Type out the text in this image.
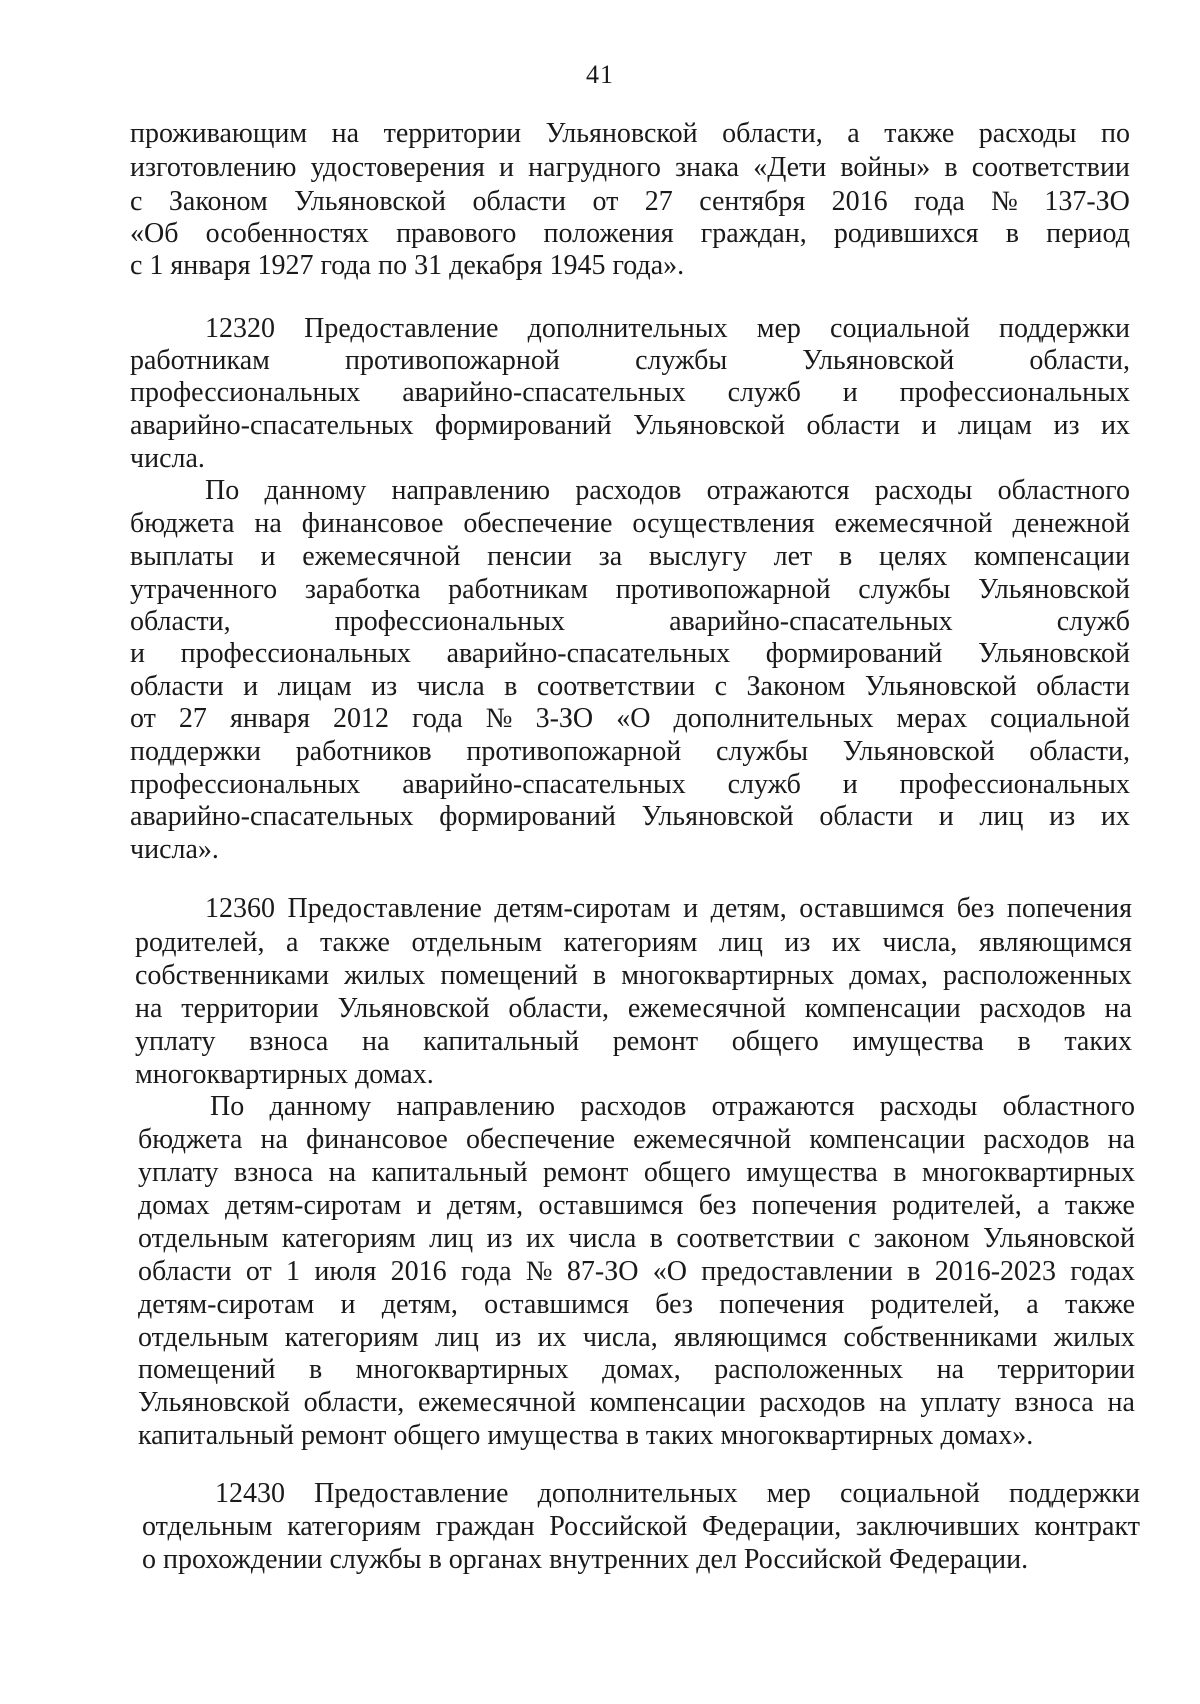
41
проживающим на территории Ульяновской области, а также расходы по
изготовлению удостоверения и нагрудного знака «Дети войны» в соответствии
с Законом Ульяновской области от 27 сентября 2016 года № 137-ЗО
«Об особенностях правового положения граждан, родившихся в период
с 1 января 1927 года по 31 декабря 1945 года».
12320 Предоставление дополнительных мер социальной поддержки
работникам	противопожарной	службы	Ульяновской	области,
профессиональных аварийно-спасательных служб и профессиональных
аварийно-спасательных формирований Ульяновской области и лицам из их
числа.
По данному направлению расходов отражаются расходы областного
бюджета на финансовое обеспечение осуществления ежемесячной денежной
выплаты и ежемесячной пенсии за выслугу лет в целях компенсации
утраченного заработка работникам противопожарной службы Ульяновской
области,	профессиональных	аварийно-спасательных	служб
и профессиональных аварийно-спасательных формирований Ульяновской
области и лицам из числа в соответствии с Законом Ульяновской области
от 27 января 2012 года № 3-ЗО «О дополнительных мерах социальной
поддержки работников противопожарной службы Ульяновской области,
профессиональных аварийно-спасательных служб и профессиональных
аварийно-спасательных формирований Ульяновской области и лиц из их
числа».
12360 Предоставление детям-сиротам и детям, оставшимся без попечения
родителей, а также отдельным категориям лиц из их числа, являющимся
собственниками жилых помещений в многоквартирных домах, расположенных
на территории Ульяновской области, ежемесячной компенсации расходов на
уплату взноса на капитальный ремонт общего имущества в таких
многоквартирных домах.
По данному направлению расходов отражаются расходы областного
бюджета на финансовое обеспечение ежемесячной компенсации расходов на
уплату взноса на капитальный ремонт общего имущества в многоквартирных
домах детям-сиротам и детям, оставшимся без попечения родителей, а также
отдельным категориям лиц из их числа в соответствии с законом Ульяновской
области от 1 июля 2016 года № 87-ЗО «О предоставлении в 2016-2023 годах
детям-сиротам и детям, оставшимся без попечения родителей, а также
отдельным категориям лиц из их числа, являющимся собственниками жилых
помещений в многоквартирных домах, расположенных на территории
Ульяновской области, ежемесячной компенсации расходов на уплату взноса на
капитальный ремонт общего имущества в таких многоквартирных домах».
12430 Предоставление дополнительных мер социальной поддержки
отдельным категориям граждан Российской Федерации, заключивших контракт
о прохождении службы в органах внутренних дел Российской Федерации.
